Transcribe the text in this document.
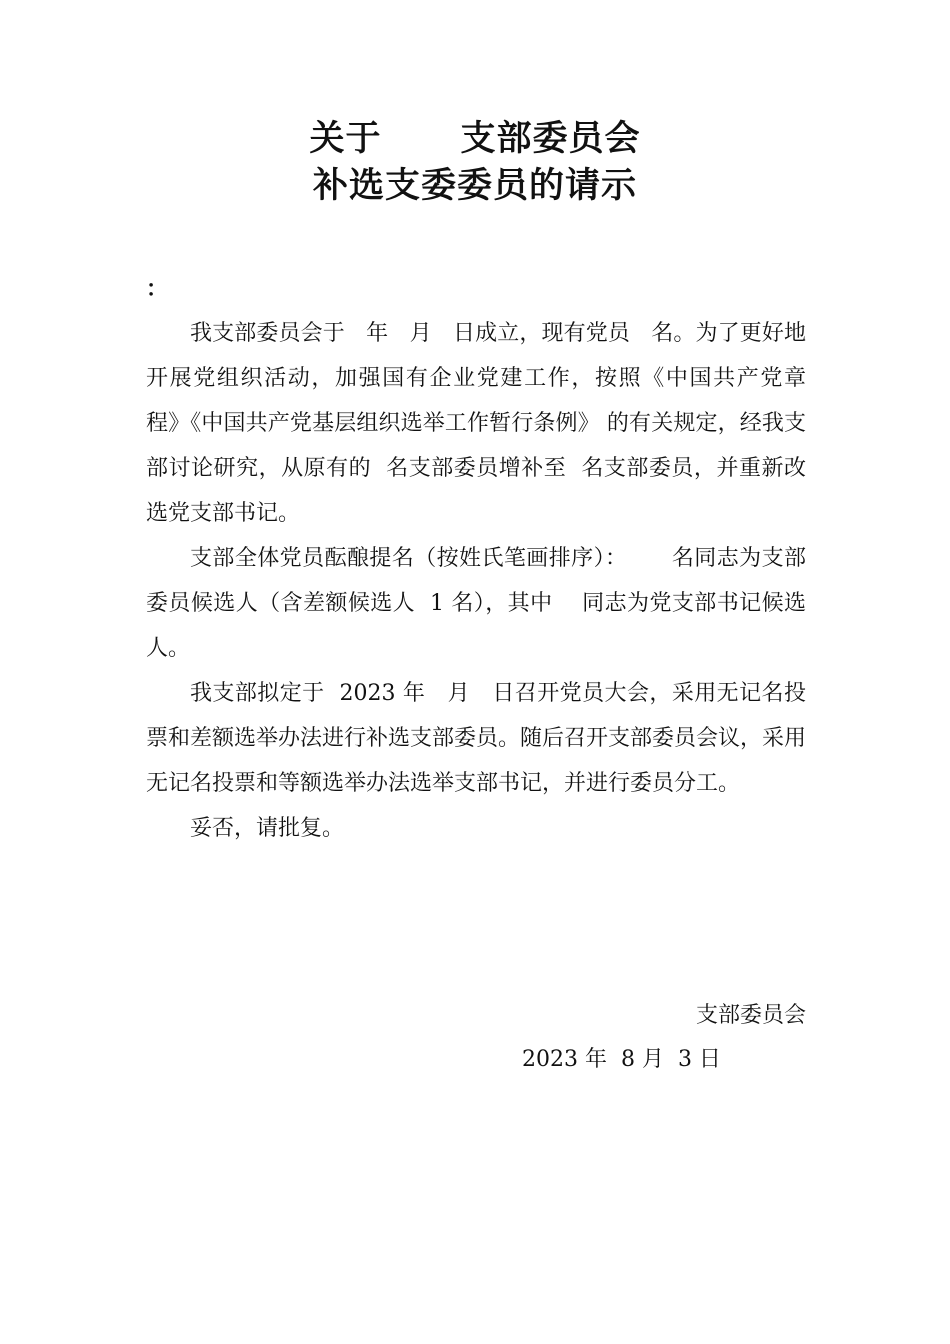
关于      支部委员会
补选支委委员的请示
：

我支部委员会于   年   月   日成立，现有党员   名。为了更好地开展党组织活动，加强国有企业党建工作，按照《中国共产党章程》《中国共产党基层组织选举工作暂行条例》 的有关规定，经我支部讨论研究，从原有的  名支部委员增补至  名支部委员，并重新改选党支部书记。

支部全体党员酝酿提名（按姓氏笔画排序）：      名同志为支部委员候选人（含差额候选人  1 名），其中    同志为党支部书记候选人。

我支部拟定于  2023 年   月   日召开党员大会，采用无记名投票和差额选举办法进行补选支部委员。随后召开支部委员会议，采用无记名投票和等额选举办法选举支部书记，并进行委员分工。

妥否，请批复。

支部委员会
2023 年  8 月  3 日
